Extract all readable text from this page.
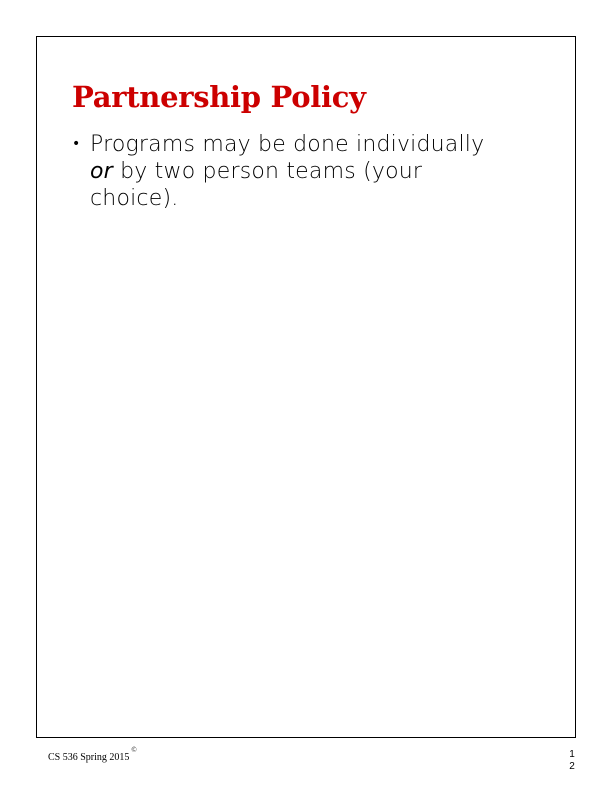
Partnership Policy
• Programs may be done individually
or by two person teams (your
choice).
CS 536 Spring 2015©	1
2
